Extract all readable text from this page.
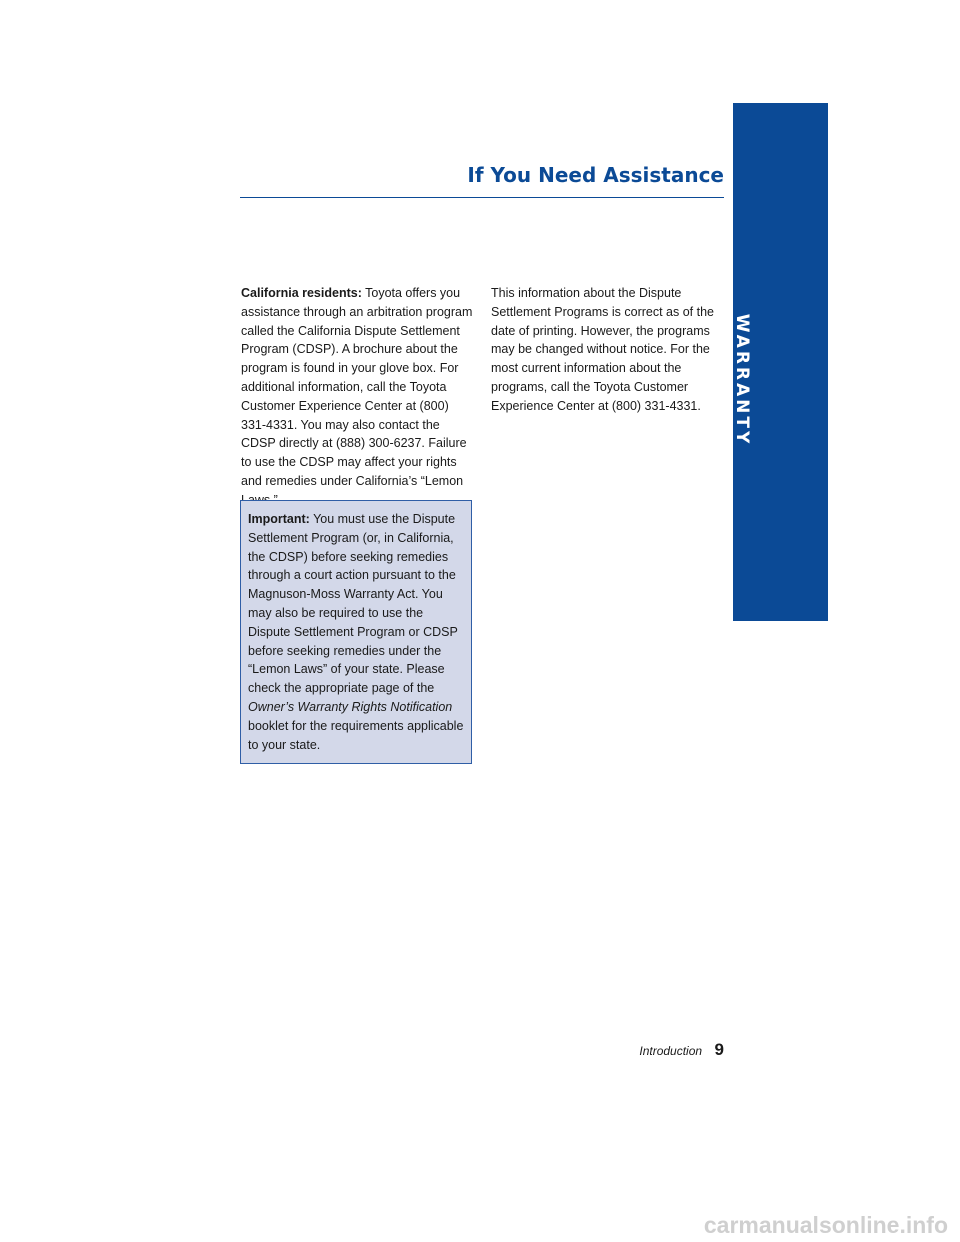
WARRANTY
If You Need Assistance
California residents: Toyota offers you assistance through an arbitration program called the California Dispute Settlement Program (CDSP). A brochure about the program is found in your glove box. For additional information, call the Toyota Customer Experience Center at (800) 331-4331. You may also contact the CDSP directly at (888) 300-6237. Failure to use the CDSP may affect your rights and remedies under California’s “Lemon
Important: You must use the Dispute Settlement Program (or, in California, the CDSP) before seeking remedies through a court action pursuant to the Magnuson-Moss Warranty Act. You may also be required to use the Dispute Settlement Program or CDSP before seeking remedies under the “Lemon Laws” of your state. Please check the appropriate page of the
Owner’s Warranty Rights Notification
booklet for the requirements applicable to your state.
This information about the Dispute Settlement Programs is correct as of the date of printing. However, the programs may be changed without notice. For the most current information about the programs, call the Toyota Customer Experience Center at (800) 331-4331.
Introduction 9
carmanualsonline.info
